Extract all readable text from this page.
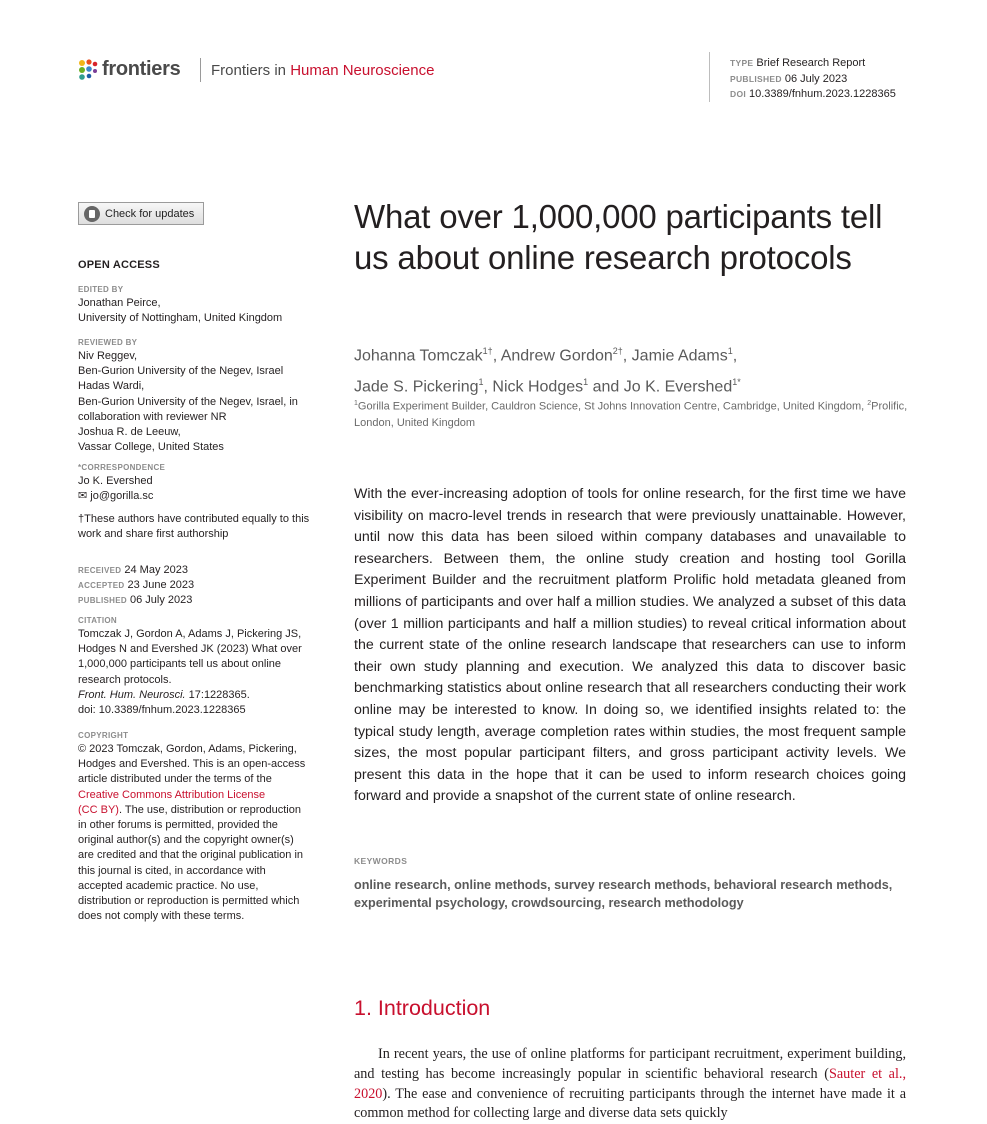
frontiers Frontiers in Human Neuroscience	TYPE Brief Research Report
PUBLISHED 06 July 2023
DOI 10.3389/fnhum.2023.1228365
Check for updates
OPEN ACCESS
EDITED BY
Jonathan Peirce,
University of Nottingham, United Kingdom
REVIEWED BY
Niv Reggev,
Ben-Gurion University of the Negev, Israel
Hadas Wardi,
Ben-Gurion University of the Negev, Israel, in
collaboration with reviewer NR
Joshua R. de Leeuw,
Vassar College, United States
*CORRESPONDENCE
Jo K. Evershed
✉ jo@gorilla.sc
†These authors have contributed equally to this
work and share first authorship
RECEIVED 24 May 2023
ACCEPTED 23 June 2023
PUBLISHED 06 July 2023
CITATION
Tomczak J, Gordon A, Adams J, Pickering JS,
Hodges N and Evershed JK (2023) What over
1,000,000 participants tell us about online
research protocols.
Front. Hum. Neurosci. 17:1228365.
doi: 10.3389/fnhum.2023.1228365
COPYRIGHT
© 2023 Tomczak, Gordon, Adams, Pickering,
Hodges and Evershed. This is an open-access
article distributed under the terms of the
Creative Commons Attribution License
(CC BY). The use, distribution or reproduction
in other forums is permitted, provided the
original author(s) and the copyright owner(s)
are credited and that the original publication in
this journal is cited, in accordance with
accepted academic practice. No use,
distribution or reproduction is permitted which
does not comply with these terms.
What over 1,000,000 participants tell us about online research protocols
Johanna Tomczak$^{1\dagger}$, Andrew Gordon$^{2\dagger}$, Jamie Adams$^1$,
Jade S. Pickering$^1$, Nick Hodges$^1$ and Jo K. Evershed$^{1*}$
$^1$Gorilla Experiment Builder, Cauldron Science, St Johns Innovation Centre, Cambridge, United Kingdom, $^2$Prolific, London, United Kingdom
With the ever-increasing adoption of tools for online research, for the first time we have visibility on macro-level trends in research that were previously unattainable. However, until now this data has been siloed within company databases and unavailable to researchers. Between them, the online study creation and hosting tool Gorilla Experiment Builder and the recruitment platform Prolific hold metadata gleaned from millions of participants and over half a million studies. We analyzed a subset of this data (over 1 million participants and half a million studies) to reveal critical information about the current state of the online research landscape that researchers can use to inform their own study planning and execution. We analyzed this data to discover basic benchmarking statistics about online research that all researchers conducting their work online may be interested to know. In doing so, we identified insights related to: the typical study length, average completion rates within studies, the most frequent sample sizes, the most popular participant filters, and gross participant activity levels. We present this data in the hope that it can be used to inform research choices going forward and provide a snapshot of the current state of online research.
KEYWORDS
online research, online methods, survey research methods, behavioral research methods, experimental psychology, crowdsourcing, research methodology
1. Introduction
In recent years, the use of online platforms for participant recruitment, experiment building, and testing has become increasingly popular in scientific behavioral research (Sauter et al., 2020). The ease and convenience of recruiting participants through the internet have made it a common method for collecting large and diverse data sets quickly
